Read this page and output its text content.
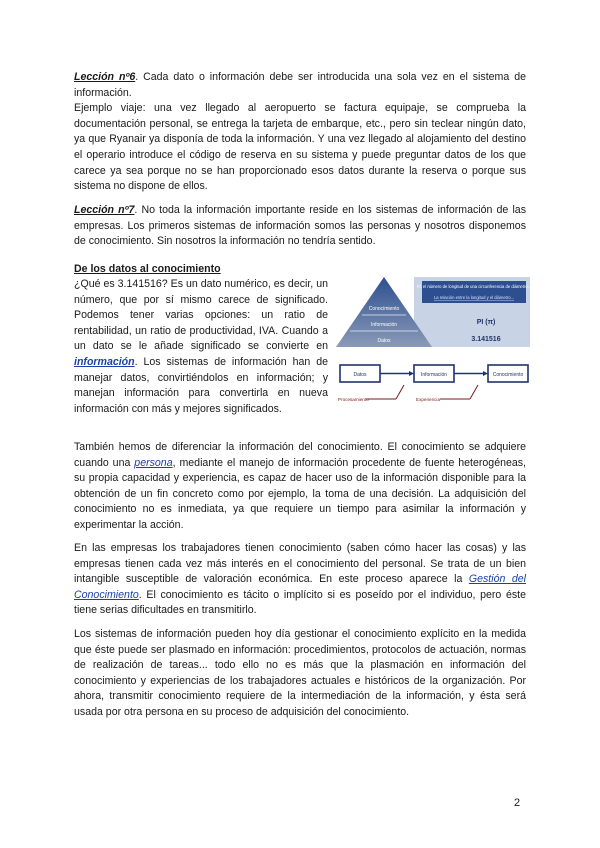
Lección nº6. Cada dato o información debe ser introducida una sola vez en el sistema de información.
Ejemplo viaje: una vez llegado al aeropuerto se factura equipaje, se comprueba la documentación personal, se entrega la tarjeta de embarque, etc., pero sin teclear ningún dato, ya que Ryanair ya disponía de toda la información. Y una vez llegado al alojamiento del destino el operario introduce el código de reserva en su sistema y puede preguntar datos de los que carece ya sea porque no se han proporcionado esos datos durante la reserva o porque sus sistema no dispone de ellos.

Lección nº7. No toda la información importante reside en los sistemas de información de las empresas. Los primeros sistemas de información somos las personas y nosotros disponemos de conocimiento. Sin nosotros la información no tendría sentido.

De los datos al conocimiento

¿Qué es 3.141516? Es un dato numérico, es decir, un número, que por sí mismo carece de significado. Podemos tener varias opciones: un ratio de rentabilidad, un ratio de productividad, IVA. Cuando a un dato se le añade significado se convierte en información. Los sistemas de información han de manejar datos, convirtiéndolos en información; y manejan información para convertirla en nueva información con más y mejores significados.

Pi, el número de longitud de una circunferencia de diámetro...
La relación entre la longitud y el diámetro...
PI (π)
3.141516
Conocimiento
Información
Datos
Datos	Información	Conocimiento
Procesamiento	Experiencia

También hemos de diferenciar la información del conocimiento. El conocimiento se adquiere cuando una persona, mediante el manejo de información procedente de fuente heterogéneas, su propia capacidad y experiencia, es capaz de hacer uso de la información disponible para la obtención de un fin concreto como por ejemplo, la toma de una decisión. La adquisición del conocimiento no es inmediata, ya que requiere un tiempo para asimilar la información y experimentar la acción.

En las empresas los trabajadores tienen conocimiento (saben cómo hacer las cosas) y las empresas tienen cada vez más interés en el conocimiento del personal. Se trata de un bien intangible susceptible de valoración económica. En este proceso aparece la Gestión del Conocimiento. El conocimiento es tácito o implícito si es poseído por el individuo, pero éste tiene serias dificultades en transmitirlo.

Los sistemas de información pueden hoy día gestionar el conocimiento explícito en la medida que éste puede ser plasmado en información: procedimientos, protocolos de actuación, normas de realización de tareas... todo ello no es más que la plasmación en información del conocimiento y experiencias de los trabajadores actuales e históricos de la organización. Por ahora, transmitir conocimiento requiere de la intermediación de la información, y ésta será usada por otra persona en su proceso de adquisición del conocimiento.

2
